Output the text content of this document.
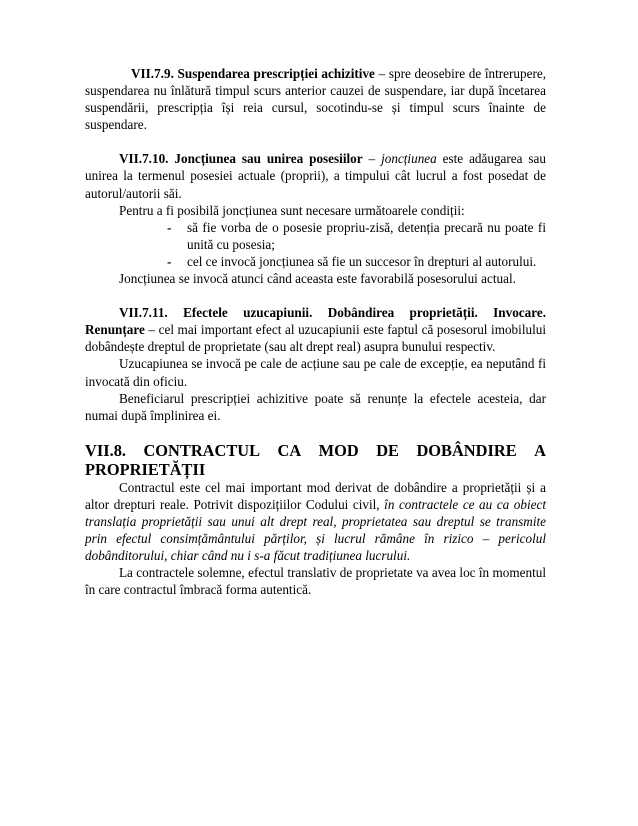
VII.7.9. Suspendarea prescripției achizitive – spre deosebire de întrerupere, suspendarea nu înlătură timpul scurs anterior cauzei de suspendare, iar după încetarea suspendării, prescripția își reia cursul, socotindu-se și timpul scurs înainte de suspendare.

VII.7.10. Joncțiunea sau unirea posesiilor – joncțiunea este adăugarea sau unirea la termenul posesiei actuale (proprii), a timpului cât lucrul a fost posedat de autorul/autorii săi.

Pentru a fi posibilă joncțiunea sunt necesare următoarele condiții:

- să fie vorba de o posesie propriu-zisă, detenția precară nu poate fi unită cu posesia;
- cel ce invocă joncțiunea să fie un succesor în drepturi al autorului.

Joncțiunea se invocă atunci când aceasta este favorabilă posesorului actual.

VII.7.11. Efectele uzucapiunii. Dobândirea proprietății. Invocare. Renunțare – cel mai important efect al uzucapiunii este faptul că posesorul imobilului dobândește dreptul de proprietate (sau alt drept real) asupra bunului respectiv.

Uzucapiunea se invocă pe cale de acțiune sau pe cale de excepție, ea neputând fi invocată din oficiu.

Beneficiarul prescripției achizitive poate să renunțe la efectele acesteia, dar numai după împlinirea ei.

VII.8. CONTRACTUL CA MOD DE DOBÂNDIRE A
PROPRIETĂȚII

Contractul este cel mai important mod derivat de dobândire a proprietății și a altor drepturi reale. Potrivit dispozițiilor Codului civil, în contractele ce au ca obiect translația proprietății sau unui alt drept real, proprietatea sau dreptul se transmite prin efectul consimțământului părților, și lucrul rămâne în rizico – pericolul dobânditorului, chiar când nu i s-a făcut tradițiunea lucrului.

La contractele solemne, efectul translativ de proprietate va avea loc în momentul în care contractul îmbracă forma autentică.
